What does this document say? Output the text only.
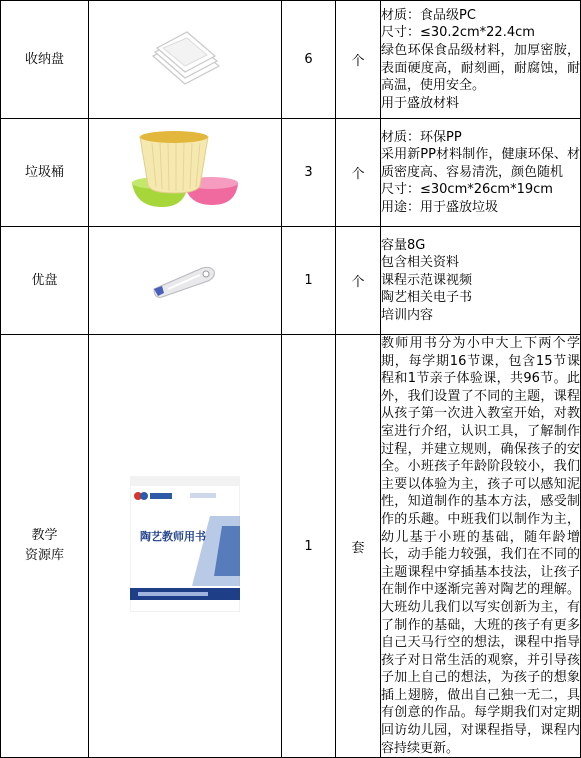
收纳盘		6	个	材质：食品级PC
尺寸：≤30.2cm*22.4cm
绿色环保食品级材料，加厚密胺，表面硬度高，耐刻画，耐腐蚀，耐高温，使用安全。
用于盛放材料

垃圾桶		3	个	材质：环保PP
采用新PP材料制作，健康环保、材质密度高、容易清洗，颜色随机
尺寸：≤30cm*26cm*19cm
用途：用于盛放垃圾

优盘		1	个	容量8G
包含相关资料
课程示范课视频
陶艺相关电子书
培训内容

教学
资源库	陶艺教师用书	1	套	教师用书分为小中大上下两个学期，每学期16节课，包含15节课程和1节亲子体验课，共96节。此外，我们设置了不同的主题，课程从孩子第一次进入教室开始，对教室进行介绍，认识工具，了解制作过程，并建立规则，确保孩子的安全。小班孩子年龄阶段较小，我们主要以体验为主，孩子可以感知泥性，知道制作的基本方法，感受制作的乐趣。中班我们以制作为主，幼儿基于小班的基础，随年龄增长，动手能力较强，我们在不同的主题课程中穿插基本技法，让孩子在制作中逐渐完善对陶艺的理解。大班幼儿我们以写实创新为主，有了制作的基础，大班的孩子有更多自己天马行空的想法，课程中指导孩子对日常生活的观察，并引导孩子加上自己的想法，为孩子的想象插上翅膀，做出自己独一无二，具有创意的作品。每学期我们对定期回访幼儿园，对课程指导，课程内容持续更新。
